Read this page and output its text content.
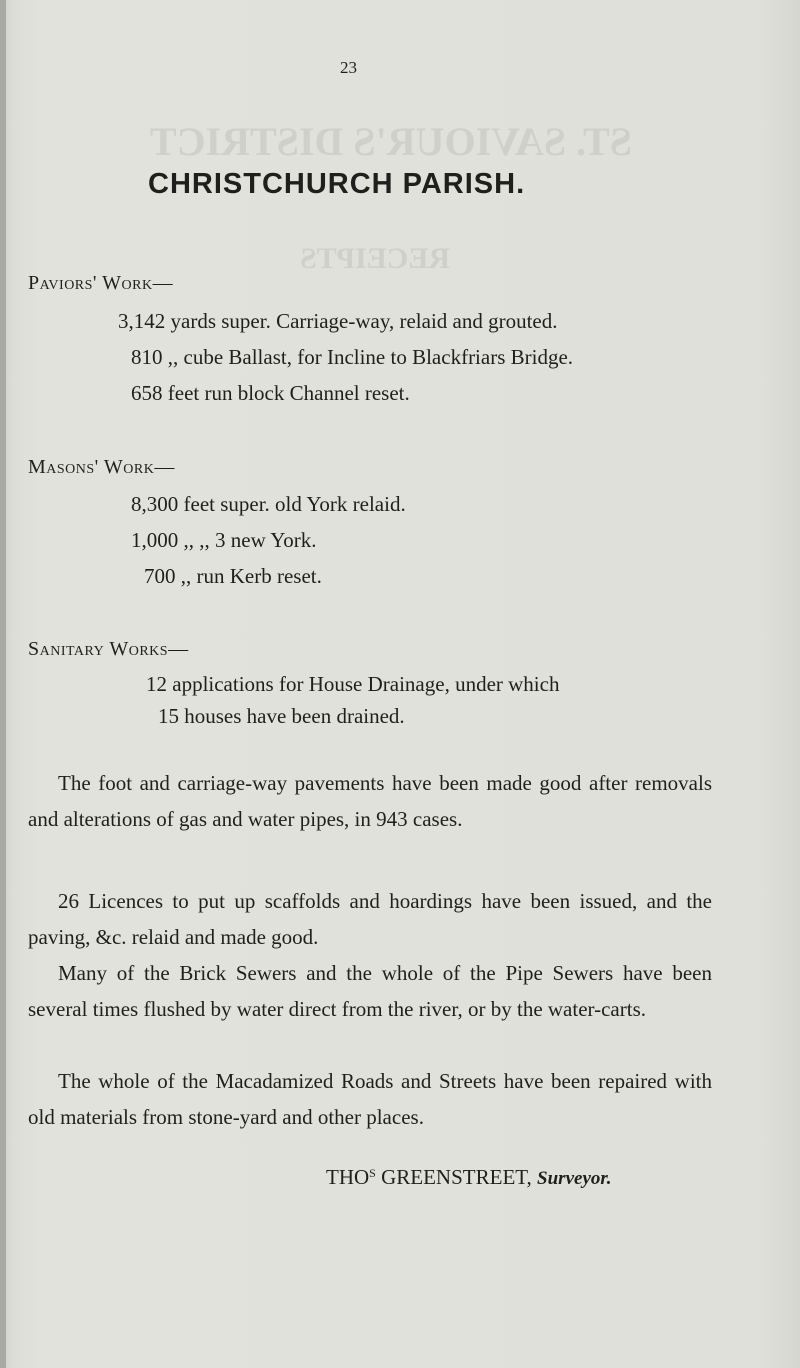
ST. SAVIOUR'S DISTRICT
RECEIPTS
23
CHRISTCHURCH PARISH.
Paviors' Work—
3,142 yards super. Carriage-way, relaid and grouted.
810 ,, cube Ballast, for Incline to Blackfriars Bridge.
658 feet run block Channel reset.
Masons' Work—
8,300 feet super. old York relaid.
1,000 ,, ,, 3 new York.
700 ,, run Kerb reset.
Sanitary Works—
12 applications for House Drainage, under which
15 houses have been drained.
The foot and carriage-way pavements have been made good after removals and alterations of gas and water pipes, in 943 cases.
26 Licences to put up scaffolds and hoardings have been issued, and the paving, &c. relaid and made good.
Many of the Brick Sewers and the whole of the Pipe Sewers have been several times flushed by water direct from the river, or by the water-carts.
The whole of the Macadamized Roads and Streets have been repaired with old materials from stone-yard and other places.
$THO^S$ GREENSTREET, Surveyor.
